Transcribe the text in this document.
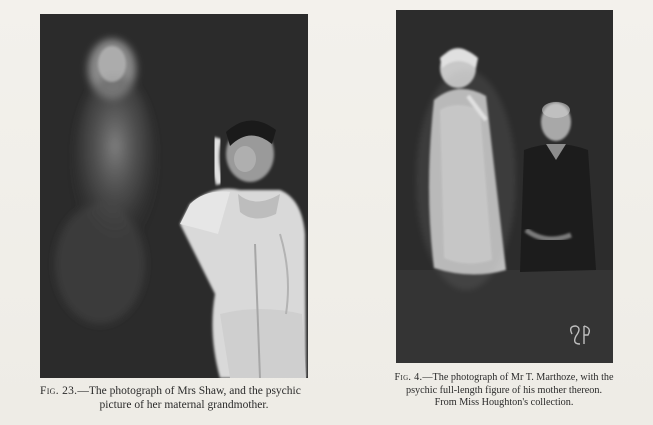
Fig. 23.—The photograph of Mrs Shaw, and the psychic
picture of her maternal grandmother.
Fig. 4.—The photograph of Mr T. Marthoze, with the
psychic full-length figure of his mother thereon.
From Miss Houghton's collection.
